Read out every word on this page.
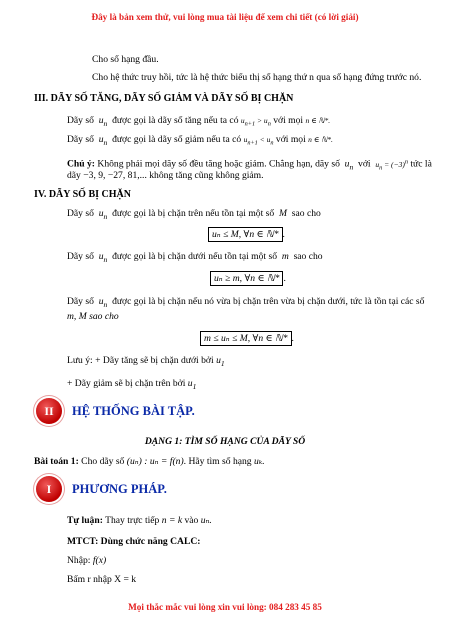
Đây là bản xem thử, vui lòng mua tài liệu để xem chi tiết (có lời giải)
Cho số hạng đầu.
Cho hệ thức truy hồi, tức là hệ thức biểu thị số hạng thứ n qua số hạng đứng trước nó.
III. DÃY SỐ TĂNG, DÃY SỐ GIẢM VÀ DÃY SỐ BỊ CHẶN
Dãy số $u_n$ được gọi là dãy số tăng nếu ta có $u_{n+1} > u_n$ với mọi n ∈ ℕ*.
Dãy số $u_n$ được gọi là dãy số giảm nếu ta có $u_{n+1} < u_n$ với mọi n ∈ ℕ*.
Chú ý: Không phải mọi dãy số đều tăng hoặc giảm. Chẳng hạn, dãy số $u_n$ với $u_n = (-3)^n$ tức là
dãy −3, 9, −27, 81,... không tăng cũng không giảm.
IV. DÃY SỐ BỊ CHẶN
Dãy số $u_n$ được gọi là bị chặn trên nếu tồn tại một số M sao cho
uₙ ≤ M, ∀n ∈ ℕ* .
Dãy số $u_n$ được gọi là bị chặn dưới nếu tồn tại một số m sao cho
uₙ ≥ m, ∀n ∈ ℕ* .
Dãy số $u_n$ được gọi là bị chặn nếu nó vừa bị chặn trên vừa bị chặn dưới, tức là tồn tại các số
m, M sao cho
m ≤ uₙ ≤ M, ∀n ∈ ℕ* .
Lưu ý: + Dãy tăng sẽ bị chặn dưới bởi $u_1$
+ Dãy giảm sẽ bị chặn trên bởi $u_1$
II	HỆ THỐNG BÀI TẬP.
DẠNG 1: TÌM SỐ HẠNG CỦA DÃY SỐ
Bài toán 1: Cho dãy số (uₙ) : uₙ = f(n). Hãy tìm số hạng uₖ.
I	PHƯƠNG PHÁP.
Tự luận: Thay trực tiếp n = k vào uₙ.
MTCT: Dùng chức năng CALC:
Nhập: f(x)
Bấm r nhập X = k
Mọi thắc mắc vui lòng xin vui lòng: 084 283 45 85
